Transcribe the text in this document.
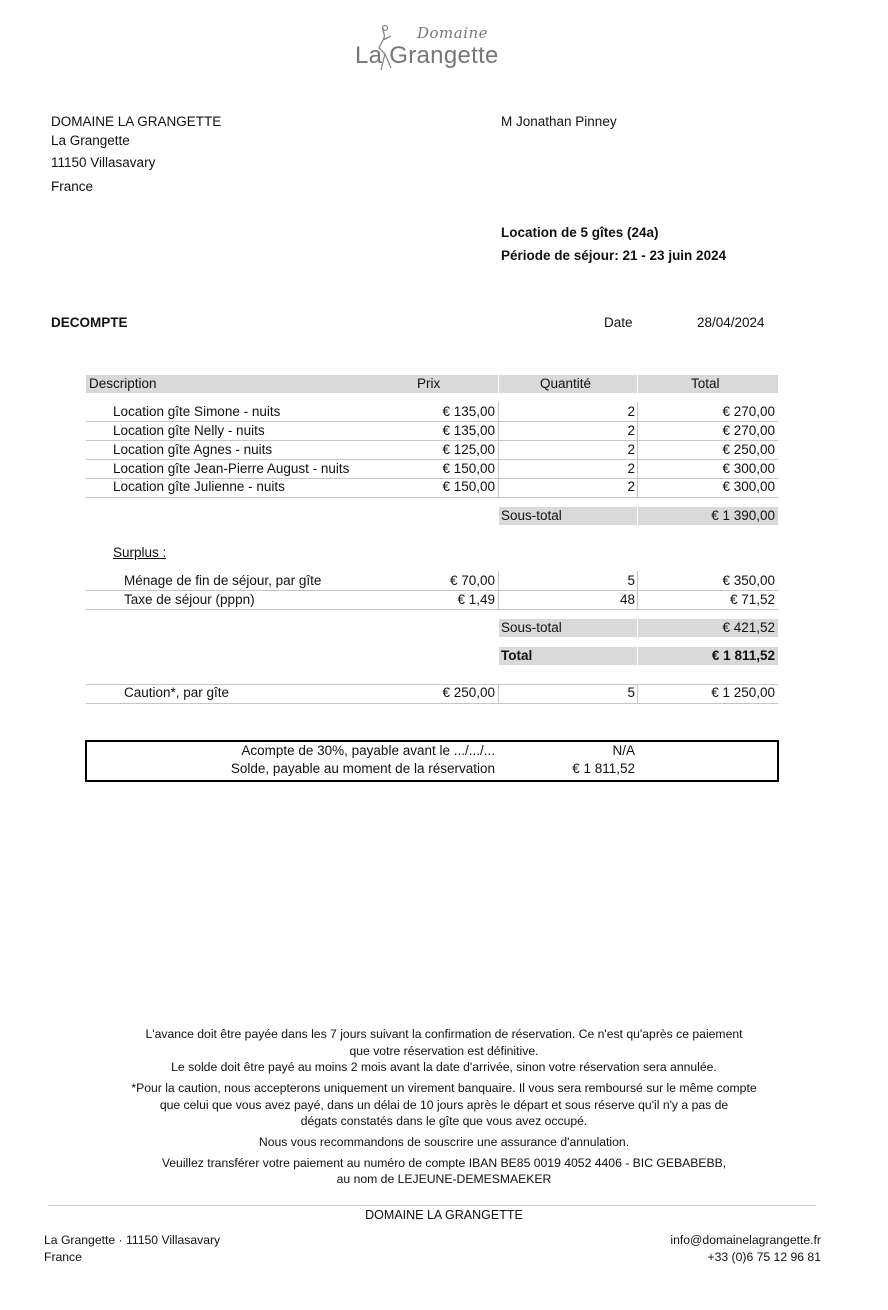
Domaine
La Grangette
DOMAINE LA GRANGETTE
La Grangette
11150 Villasavary
France
M Jonathan Pinney
Location de 5 gîtes (24a)
Période de séjour: 21 - 23 juin 2024
DECOMPTE	Date	28/04/2024
Description	Prix	Quantité	Total
Location gîte Simone - nuits	€ 135,00	2	€ 270,00
Location gîte Nelly - nuits	€ 135,00	2	€ 270,00
Location gîte Agnes - nuits	€ 125,00	2	€ 250,00
Location gîte Jean-Pierre August - nuits	€ 150,00	2	€ 300,00
Location gîte Julienne - nuits	€ 150,00	2	€ 300,00
Sous-total	€ 1 390,00
Surplus :
Ménage de fin de séjour, par gîte	€ 70,00	5	€ 350,00
Taxe de séjour (pppn)	€ 1,49	48	€ 71,52
Sous-total	€ 421,52
Total	€ 1 811,52
Caution*, par gîte	€ 250,00	5	€ 1 250,00
Acompte de 30%, payable avant le .../.../...	N/A
Solde, payable au moment de la réservation	€ 1 811,52
L'avance doit être payée dans les 7 jours suivant la confirmation de réservation. Ce n'est qu'après ce paiement
que votre réservation est définitive.
Le solde doit être payé au moins 2 mois avant la date d'arrivée, sinon votre réservation sera annulée.
*Pour la caution, nous accepterons uniquement un virement banquaire. Il vous sera remboursé sur le même compte
que celui que vous avez payé, dans un délai de 10 jours après le départ et sous réserve qu'il n'y a pas de
dégats constatés dans le gîte que vous avez occupé.
Nous vous recommandons de souscrire une assurance d'annulation.
Veuillez transférer votre paiement au numéro de compte IBAN BE85 0019 4052 4406 - BIC GEBABEBB,
au nom de LEJEUNE-DEMESMAEKER
DOMAINE LA GRANGETTE
La Grangette · 11150 Villasavary
France
info@domainelagrangette.fr
+33 (0)6 75 12 96 81
